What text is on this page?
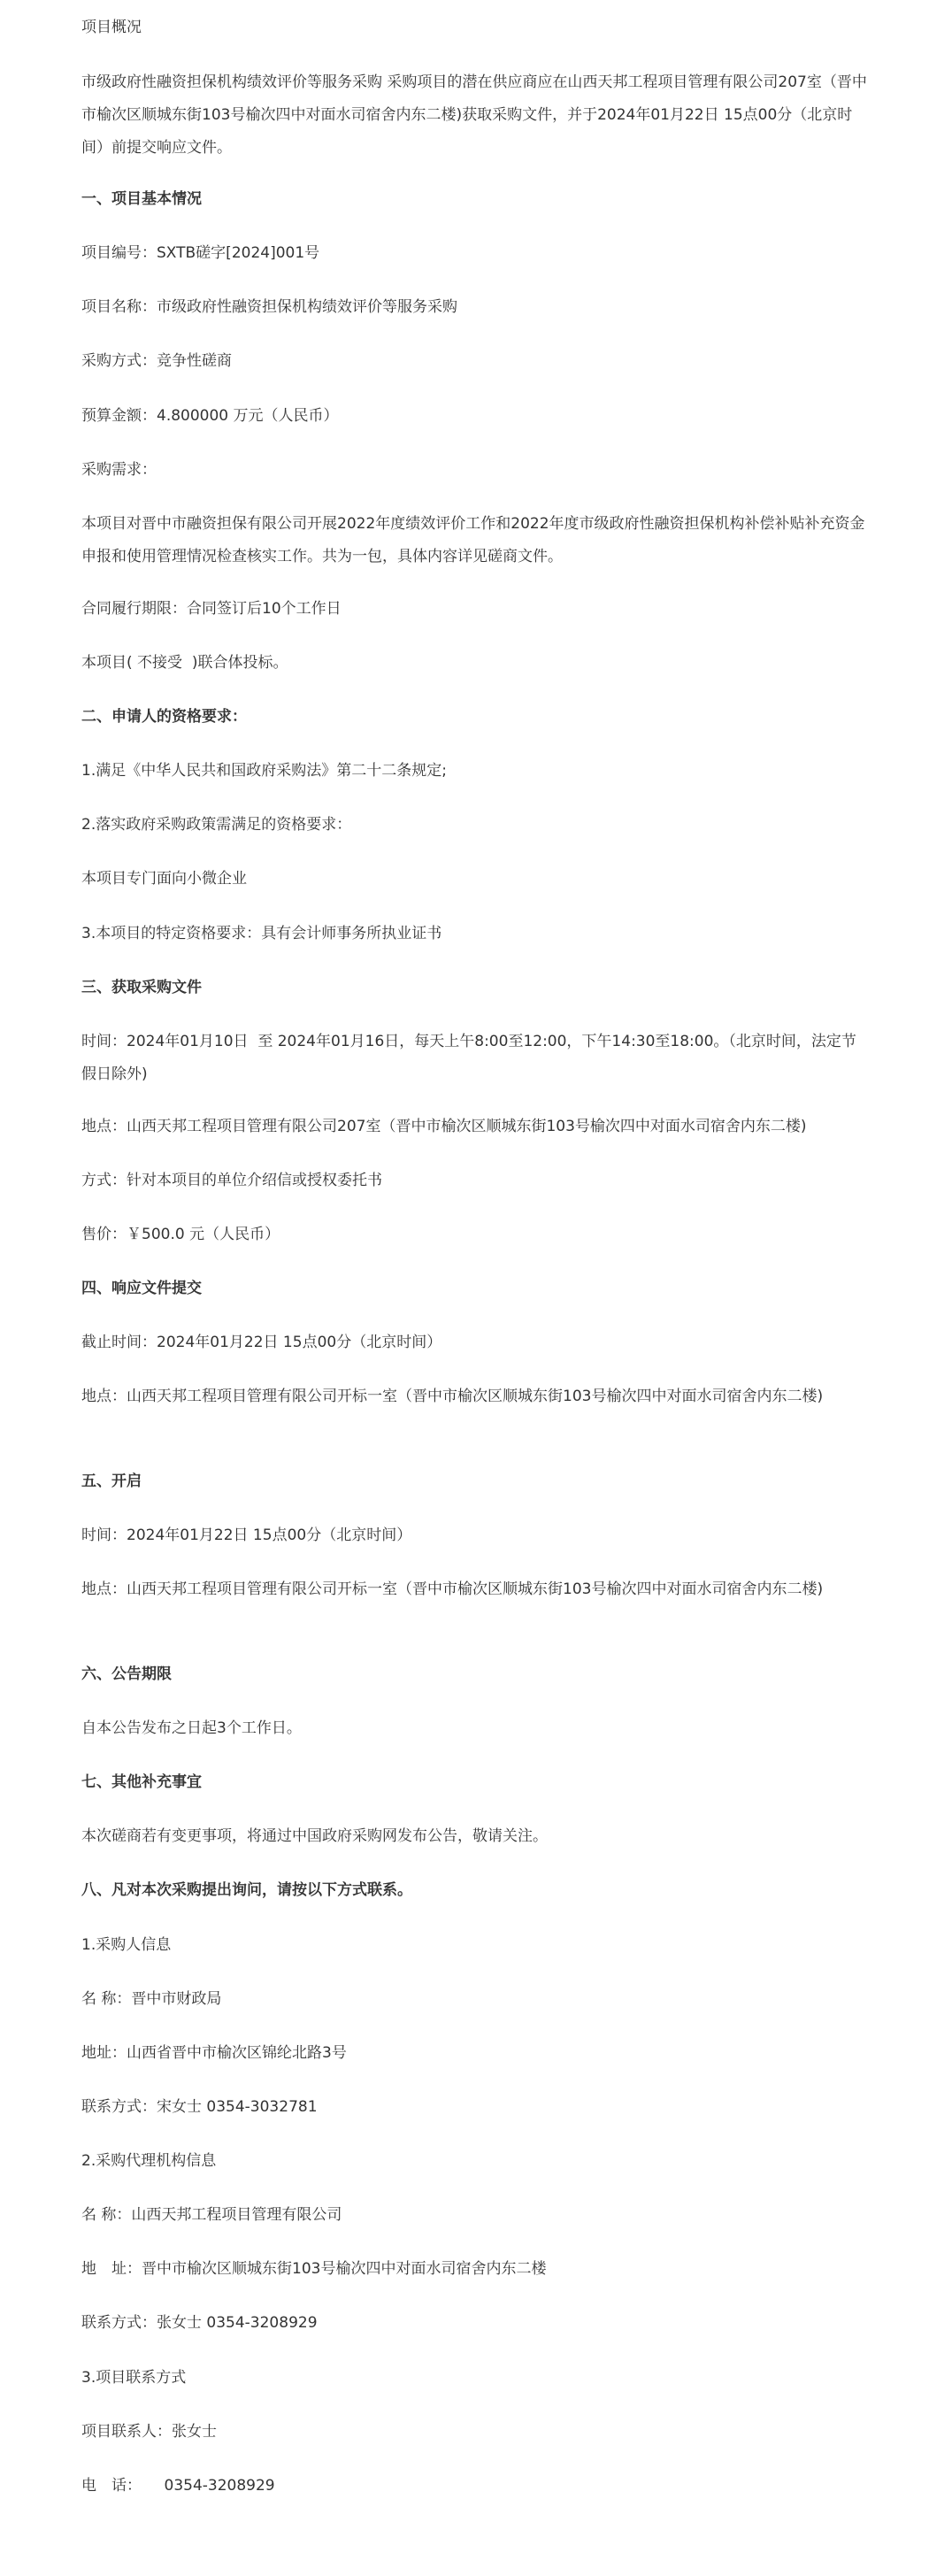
项目概况
市级政府性融资担保机构绩效评价等服务采购 采购项目的潜在供应商应在山西天邦工程项目管理有限公司207室（晋中市榆次区顺城东街103号榆次四中对面水司宿舍内东二楼)获取采购文件，并于2024年01月22日 15点00分（北京时间）前提交响应文件。
一、项目基本情况
项目编号：SXTB磋字[2024]001号
项目名称：市级政府性融资担保机构绩效评价等服务采购
采购方式：竞争性磋商
预算金额：4.800000 万元（人民币）
采购需求：
本项目对晋中市融资担保有限公司开展2022年度绩效评价工作和2022年度市级政府性融资担保机构补偿补贴补充资金申报和使用管理情况检查核实工作。共为一包，具体内容详见磋商文件。
合同履行期限：合同签订后10个工作日
本项目( 不接受  )联合体投标。
二、申请人的资格要求：
1.满足《中华人民共和国政府采购法》第二十二条规定;
2.落实政府采购政策需满足的资格要求：
本项目专门面向小微企业
3.本项目的特定资格要求：具有会计师事务所执业证书
三、获取采购文件
时间：2024年01月10日  至 2024年01月16日，每天上午8:00至12:00，下午14:30至18:00。（北京时间，法定节假日除外)
地点：山西天邦工程项目管理有限公司207室（晋中市榆次区顺城东街103号榆次四中对面水司宿舍内东二楼)
方式：针对本项目的单位介绍信或授权委托书
售价：￥500.0 元（人民币）
四、响应文件提交
截止时间：2024年01月22日 15点00分（北京时间）
地点：山西天邦工程项目管理有限公司开标一室（晋中市榆次区顺城东街103号榆次四中对面水司宿舍内东二楼)
五、开启
时间：2024年01月22日 15点00分（北京时间）
地点：山西天邦工程项目管理有限公司开标一室（晋中市榆次区顺城东街103号榆次四中对面水司宿舍内东二楼)
六、公告期限
自本公告发布之日起3个工作日。
七、其他补充事宜
本次磋商若有变更事项，将通过中国政府采购网发布公告，敬请关注。
八、凡对本次采购提出询问，请按以下方式联系。
1.采购人信息
名 称：晋中市财政局
地址：山西省晋中市榆次区锦纶北路3号
联系方式：宋女士 0354-3032781
2.采购代理机构信息
名 称：山西天邦工程项目管理有限公司
地　址：晋中市榆次区顺城东街103号榆次四中对面水司宿舍内东二楼
联系方式：张女士 0354-3208929
3.项目联系方式
项目联系人：张女士
电　话：　　0354-3208929
